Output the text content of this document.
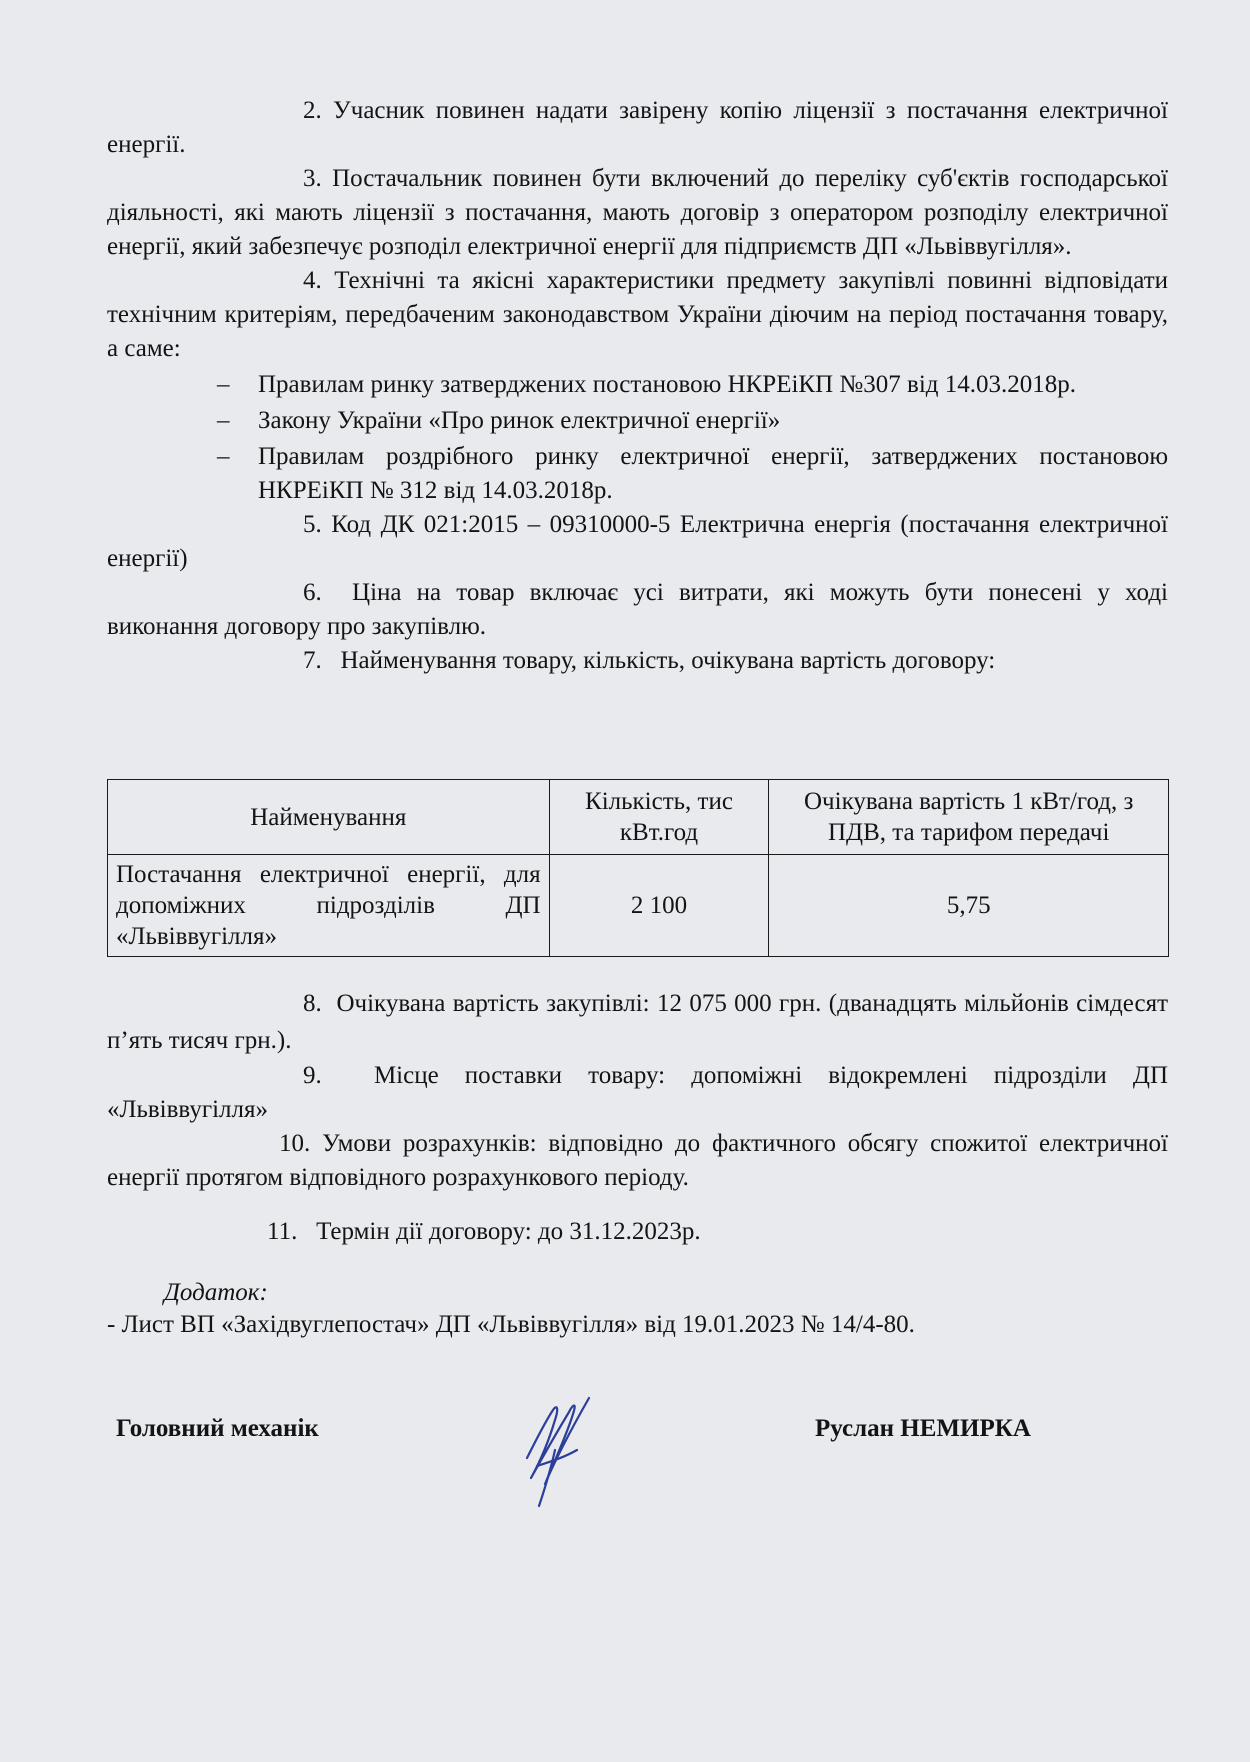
2. Учасник повинен надати завірену копію ліцензії з постачання електричної енергії.

3. Постачальник повинен бути включений до переліку суб'єктів господарської діяльності, які мають ліцензії з постачання, мають договір з оператором розподілу електричної енергії, який забезпечує розподіл електричної енергії для підприємств ДП «Львіввугілля».

4. Технічні та якісні характеристики предмету закупівлі повинні відповідати технічним критеріям, передбаченим законодавством України діючим на період постачання товару, а саме:

– Правилам ринку затверджених постановою НКРЕіКП №307 від 14.03.2018р.
– Закону України «Про ринок електричної енергії»
– Правилам роздрібного ринку електричної енергії, затверджених постановою НКРЕіКП № 312 від 14.03.2018р.

5. Код ДК 021:2015 – 09310000-5 Електрична енергія (постачання електричної енергії)

6. Ціна на товар включає усі витрати, які можуть бути понесені у ході виконання договору про закупівлю.

7. Найменування товару, кількість, очікувана вартість договору:

Найменування	Кількість, тис кВт.год	Очікувана вартість 1 кВт/год, з ПДВ, та тарифом передачі
Постачання електричної енергії, для допоміжних підрозділів ДП «Львіввугілля»	2 100	5,75

8. Очікувана вартість закупівлі: 12 075 000 грн. (дванадцять мільйонів сімдесят п’ять тисяч грн.).

9. Місце поставки товару: допоміжні відокремлені підрозділи ДП «Львіввугілля»

10. Умови розрахунків: відповідно до фактичного обсягу спожитої електричної енергії протягом відповідного розрахункового періоду.

11. Термін дії договору: до 31.12.2023р.

Додаток:
- Лист ВП «Західвуглепостач» ДП «Львіввугілля» від 19.01.2023 № 14/4-80.
Головний механік	Руслан НЕМИРКА
